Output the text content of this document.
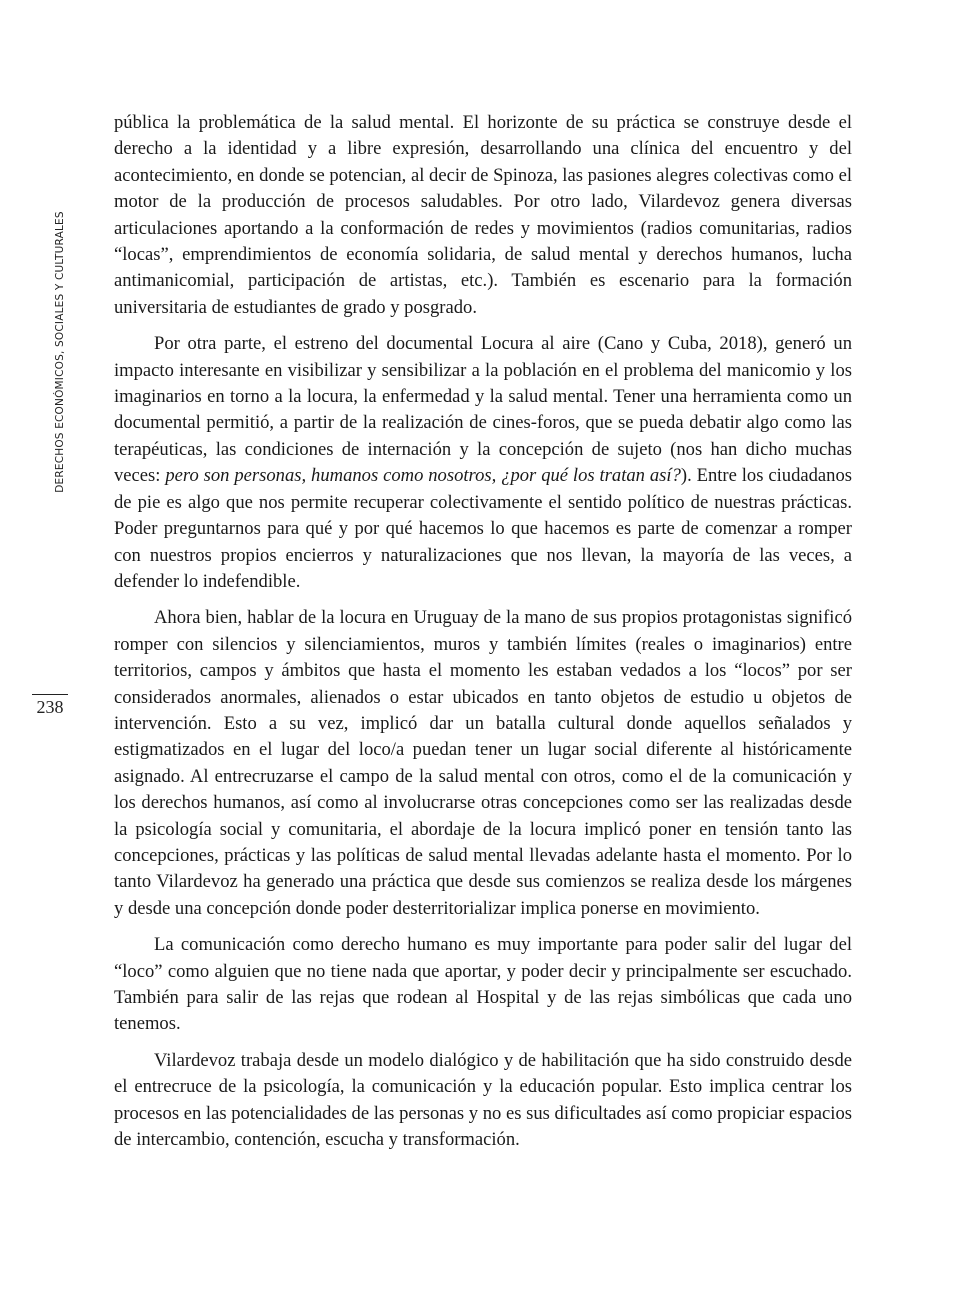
DERECHOS ECONÓMICOS, SOCIALES Y CULTURALES
238

pública la problemática de la salud mental. El horizonte de su práctica se construye desde el derecho a la identidad y a libre expresión, desarrollando una clínica del encuentro y del acontecimiento, en donde se potencian, al decir de Spinoza, las pasiones alegres colectivas como el motor de la producción de procesos saludables. Por otro lado, Vilardevoz genera diversas articulaciones aportando a la conformación de redes y movimientos (radios comunitarias, radios “locas”, emprendimientos de economía solidaria, de salud mental y derechos humanos, lucha antimanicomial, participación de artistas, etc.). También es escenario para la formación universitaria de estudiantes de grado y posgrado.

Por otra parte, el estreno del documental Locura al aire (Cano y Cuba, 2018), generó un impacto interesante en visibilizar y sensibilizar a la población en el problema del manicomio y los imaginarios en torno a la locura, la enfermedad y la salud mental. Tener una herramienta como un documental permitió, a partir de la realización de cines-foros, que se pueda debatir algo como las terapéuticas, las condiciones de internación y la concepción de sujeto (nos han dicho muchas veces: pero son personas, humanos como nosotros, ¿por qué los tratan así?). Entre los ciudadanos de pie es algo que nos permite recuperar colectivamente el sentido político de nuestras prácticas. Poder preguntarnos para qué y por qué hacemos lo que hacemos es parte de comenzar a romper con nuestros propios encierros y naturalizaciones que nos llevan, la mayoría de las veces, a defender lo indefendible.

Ahora bien, hablar de la locura en Uruguay de la mano de sus propios protagonistas significó romper con silencios y silenciamientos, muros y también límites (reales o imaginarios) entre territorios, campos y ámbitos que hasta el momento les estaban vedados a los “locos” por ser considerados anormales, alienados o estar ubicados en tanto objetos de estudio u objetos de intervención. Esto a su vez, implicó dar un batalla cultural donde aquellos señalados y estigmatizados en el lugar del loco/a puedan tener un lugar social diferente al históricamente asignado. Al entrecruzarse el campo de la salud mental con otros, como el de la comunicación y los derechos humanos, así como al involucrarse otras concepciones como ser las realizadas desde la psicología social y comunitaria, el abordaje de la locura implicó poner en tensión tanto las concepciones, prácticas y las políticas de salud mental llevadas adelante hasta el momento. Por lo tanto Vilardevoz ha generado una práctica que desde sus comienzos se realiza desde los márgenes y desde una concepción donde poder desterritorializar implica ponerse en movimiento.

La comunicación como derecho humano es muy importante para poder salir del lugar del “loco” como alguien que no tiene nada que aportar, y poder decir y principalmente ser escuchado. También para salir de las rejas que rodean al Hospital y de las rejas simbólicas que cada uno tenemos.

Vilardevoz trabaja desde un modelo dialógico y de habilitación que ha sido construido desde el entrecruce de la psicología, la comunicación y la educación popular. Esto implica centrar los procesos en las potencialidades de las personas y no es sus dificultades así como propiciar espacios de intercambio, contención, escucha y transformación.
